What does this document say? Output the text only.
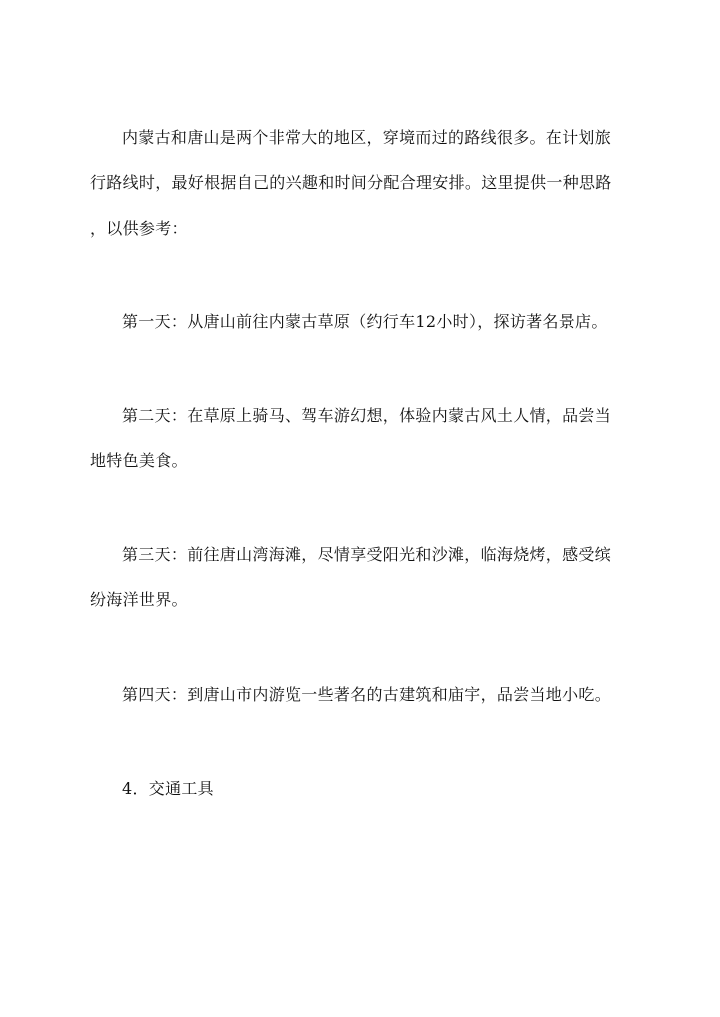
内蒙古和唐山是两个非常大的地区，穿境而过的路线很多。在计划旅
行路线时，最好根据自己的兴趣和时间分配合理安排。这里提供一种思路
，以供参考：
第一天：从唐山前往内蒙古草原（约行车12小时），探访著名景店。
第二天：在草原上骑马、驾车游幻想，体验内蒙古风土人情，品尝当
地特色美食。
第三天：前往唐山湾海滩，尽情享受阳光和沙滩，临海烧烤，感受缤
纷海洋世界。
第四天：到唐山市内游览一些著名的古建筑和庙宇，品尝当地小吃。
4．交通工具
